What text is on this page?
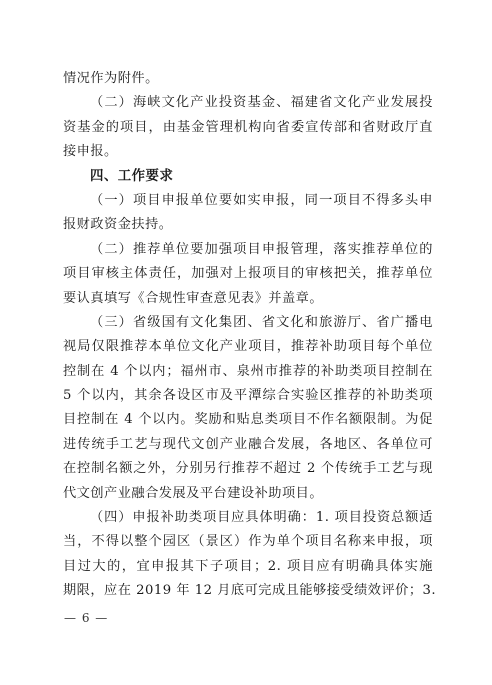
情况作为附件。
（二）海峡文化产业投资基金、福建省文化产业发展投
资基金的项目，由基金管理机构向省委宣传部和省财政厅直
接申报。
四、工作要求
（一）项目申报单位要如实申报，同一项目不得多头申
报财政资金扶持。
（二）推荐单位要加强项目申报管理，落实推荐单位的
项目审核主体责任，加强对上报项目的审核把关，推荐单位
要认真填写《合规性审查意见表》并盖章。
（三）省级国有文化集团、省文化和旅游厅、省广播电
视局仅限推荐本单位文化产业项目，推荐补助项目每个单位
控制在 4 个以内；福州市、泉州市推荐的补助类项目控制在
5 个以内，其余各设区市及平潭综合实验区推荐的补助类项
目控制在 4 个以内。奖励和贴息类项目不作名额限制。为促
进传统手工艺与现代文创产业融合发展，各地区、各单位可
在控制名额之外，分别另行推荐不超过 2 个传统手工艺与现
代文创产业融合发展及平台建设补助项目。
（四）申报补助类项目应具体明确：1. 项目投资总额适
当，不得以整个园区（景区）作为单个项目名称来申报，项
目过大的，宜申报其下子项目；2. 项目应有明确具体实施
期限，应在 2019 年 12 月底可完成且能够接受绩效评价；3.
— 6 —
